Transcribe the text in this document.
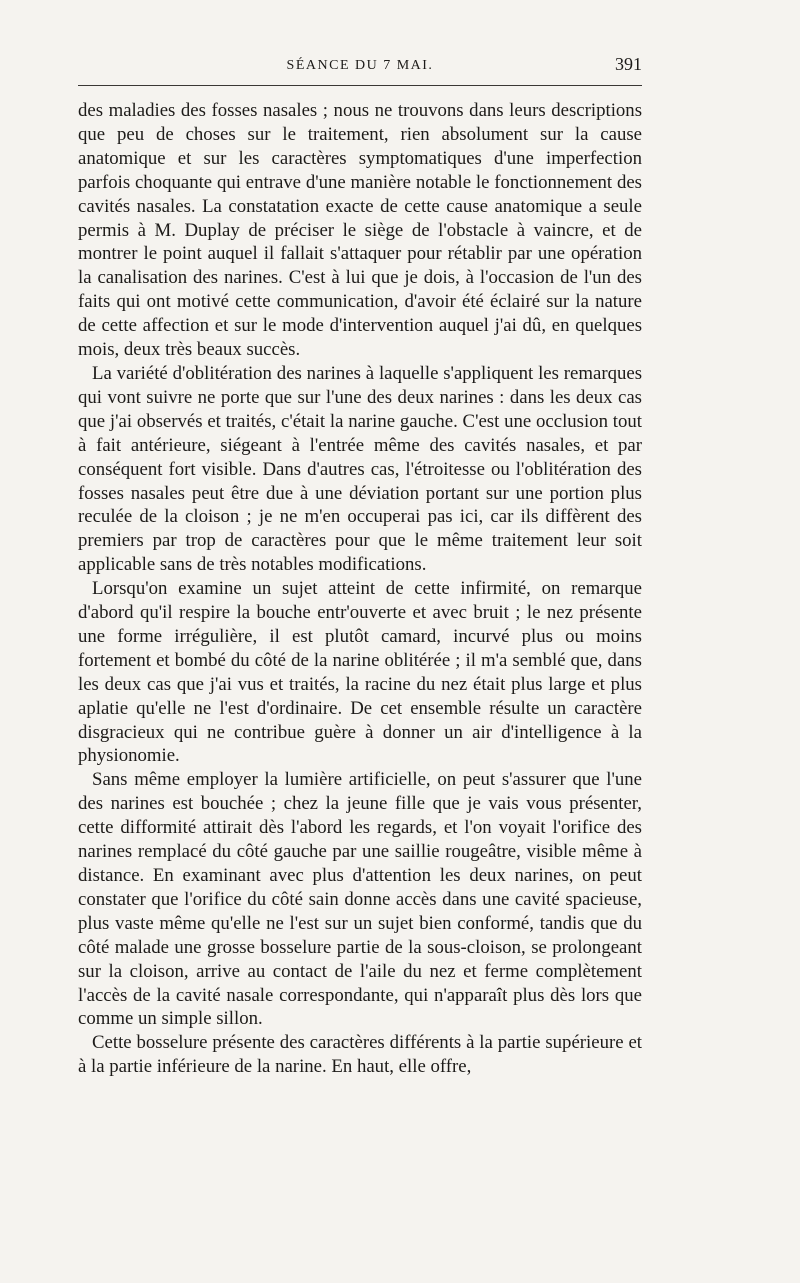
SÉANCE DU 7 MAI.	391

des maladies des fosses nasales ; nous ne trouvons dans leurs descriptions que peu de choses sur le traitement, rien absolument sur la cause anatomique et sur les caractères symptomatiques d'une imperfection parfois choquante qui entrave d'une manière notable le fonctionnement des cavités nasales. La constatation exacte de cette cause anatomique a seule permis à M. Duplay de préciser le siège de l'obstacle à vaincre, et de montrer le point auquel il fallait s'attaquer pour rétablir par une opération la canalisation des narines. C'est à lui que je dois, à l'occasion de l'un des faits qui ont motivé cette communication, d'avoir été éclairé sur la nature de cette affection et sur le mode d'intervention auquel j'ai dû, en quelques mois, deux très beaux succès.

La variété d'oblitération des narines à laquelle s'appliquent les remarques qui vont suivre ne porte que sur l'une des deux narines : dans les deux cas que j'ai observés et traités, c'était la narine gauche. C'est une occlusion tout à fait antérieure, siégeant à l'entrée même des cavités nasales, et par conséquent fort visible. Dans d'autres cas, l'étroitesse ou l'oblitération des fosses nasales peut être due à une déviation portant sur une portion plus reculée de la cloison ; je ne m'en occuperai pas ici, car ils diffèrent des premiers par trop de caractères pour que le même traitement leur soit applicable sans de très notables modifications.

Lorsqu'on examine un sujet atteint de cette infirmité, on remarque d'abord qu'il respire la bouche entr'ouverte et avec bruit ; le nez présente une forme irrégulière, il est plutôt camard, incurvé plus ou moins fortement et bombé du côté de la narine oblitérée ; il m'a semblé que, dans les deux cas que j'ai vus et traités, la racine du nez était plus large et plus aplatie qu'elle ne l'est d'ordinaire. De cet ensemble résulte un caractère disgracieux qui ne contribue guère à donner un air d'intelligence à la physionomie.

Sans même employer la lumière artificielle, on peut s'assurer que l'une des narines est bouchée ; chez la jeune fille que je vais vous présenter, cette difformité attirait dès l'abord les regards, et l'on voyait l'orifice des narines remplacé du côté gauche par une saillie rougeâtre, visible même à distance. En examinant avec plus d'attention les deux narines, on peut constater que l'orifice du côté sain donne accès dans une cavité spacieuse, plus vaste même qu'elle ne l'est sur un sujet bien conformé, tandis que du côté malade une grosse bosselure partie de la sous-cloison, se prolongeant sur la cloison, arrive au contact de l'aile du nez et ferme complètement l'accès de la cavité nasale correspondante, qui n'apparaît plus dès lors que comme un simple sillon.

Cette bosselure présente des caractères différents à la partie supérieure et à la partie inférieure de la narine. En haut, elle offre,
